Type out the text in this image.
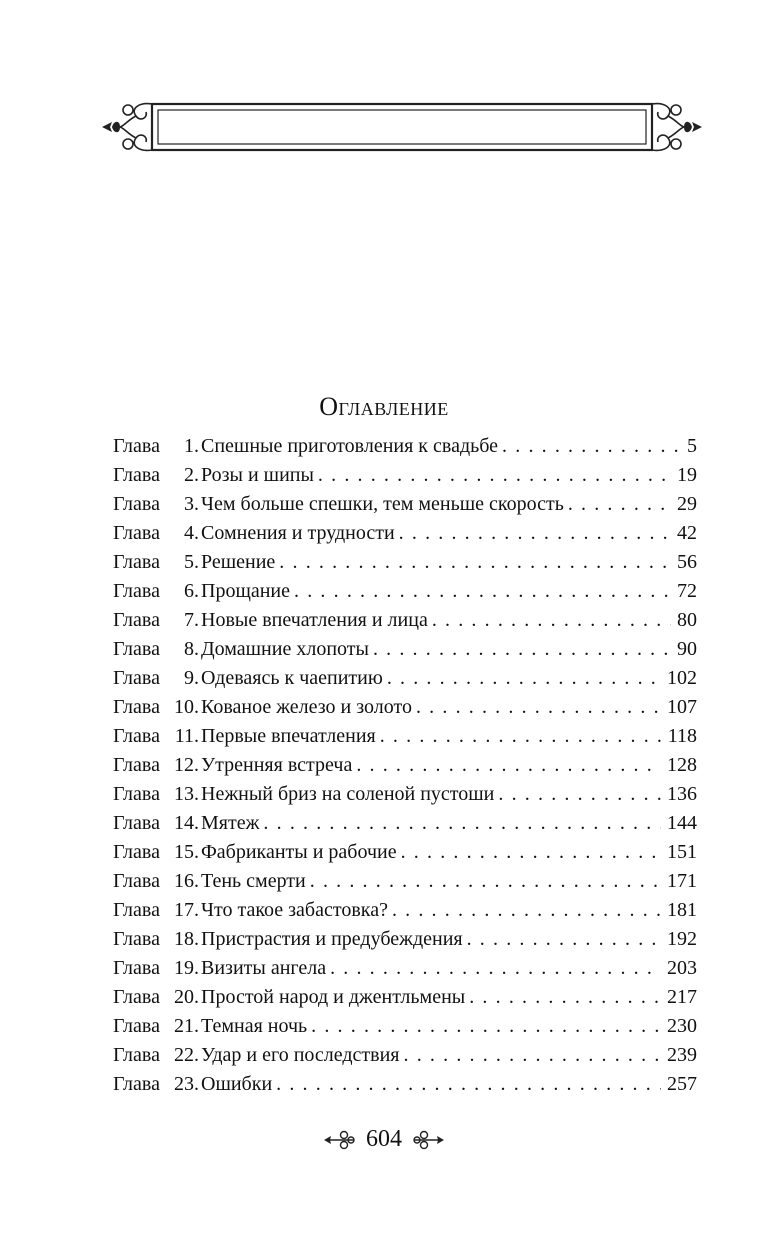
Оглавление
Глава	1. Спешные приготовления к свадьбе . . .	5
Глава	2. Розы и шипы . . .	19
Глава	3. Чем больше спешки, тем меньше скорость . . .	29
Глава	4. Сомнения и трудности . . .	42
Глава	5. Решение . . .	56
Глава	6. Прощание . . .	72
Глава	7. Новые впечатления и лица . . .	80
Глава	8. Домашние хлопоты . . .	90
Глава	9. Одеваясь к чаепитию . . .	102
Глава 10. Кованое железо и золото . . .	107
Глава 11. Первые впечатления . . .	118
Глава 12. Утренняя встреча . . .	128
Глава 13. Нежный бриз на соленой пустоши . . .	136
Глава 14. Мятеж . . .	144
Глава 15. Фабриканты и рабочие . . .	151
Глава 16. Тень смерти . . .	171
Глава 17. Что такое забастовка? . . .	181
Глава 18. Пристрастия и предубеждения . . .	192
Глава 19. Визиты ангела . . .	203
Глава 20. Простой народ и джентльмены . . .	217
Глава 21. Темная ночь . . .	230
Глава 22. Удар и его последствия . . .	239
Глава 23. Ошибки . . .	257
604
